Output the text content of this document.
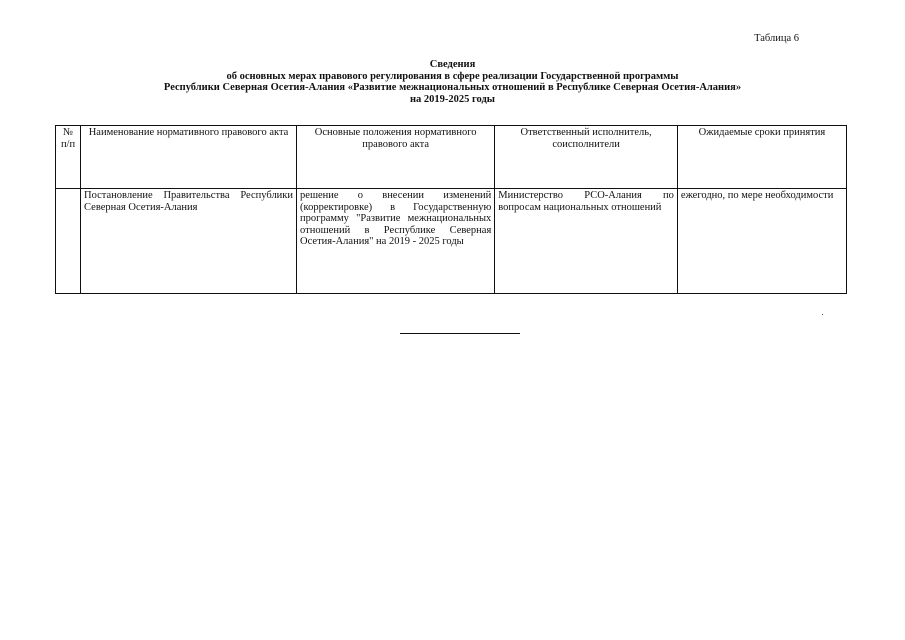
Таблица 6
Сведения
об основных мерах правового регулирования в сфере реализации Государственной программы
Республики Северная Осетия-Алания «Развитие межнациональных отношений в Республике Северная Осетия-Алания»
на 2019-2025 годы
№ п/п	Наименование нормативного правового акта	Основные положения нормативного правового акта	Ответственный исполнитель, соисполнители	Ожидаемые сроки принятия
	Постановление Правительства Республики Северная Осетия-Алания	решение о внесении изменений (корректировке) в Государственную программу "Развитие межнациональных отношений в Республике Северная Осетия-Алания" на 2019 - 2025 годы	Министерство РСО-Алания по вопросам национальных отношений	ежегодно, по мере необходимости
